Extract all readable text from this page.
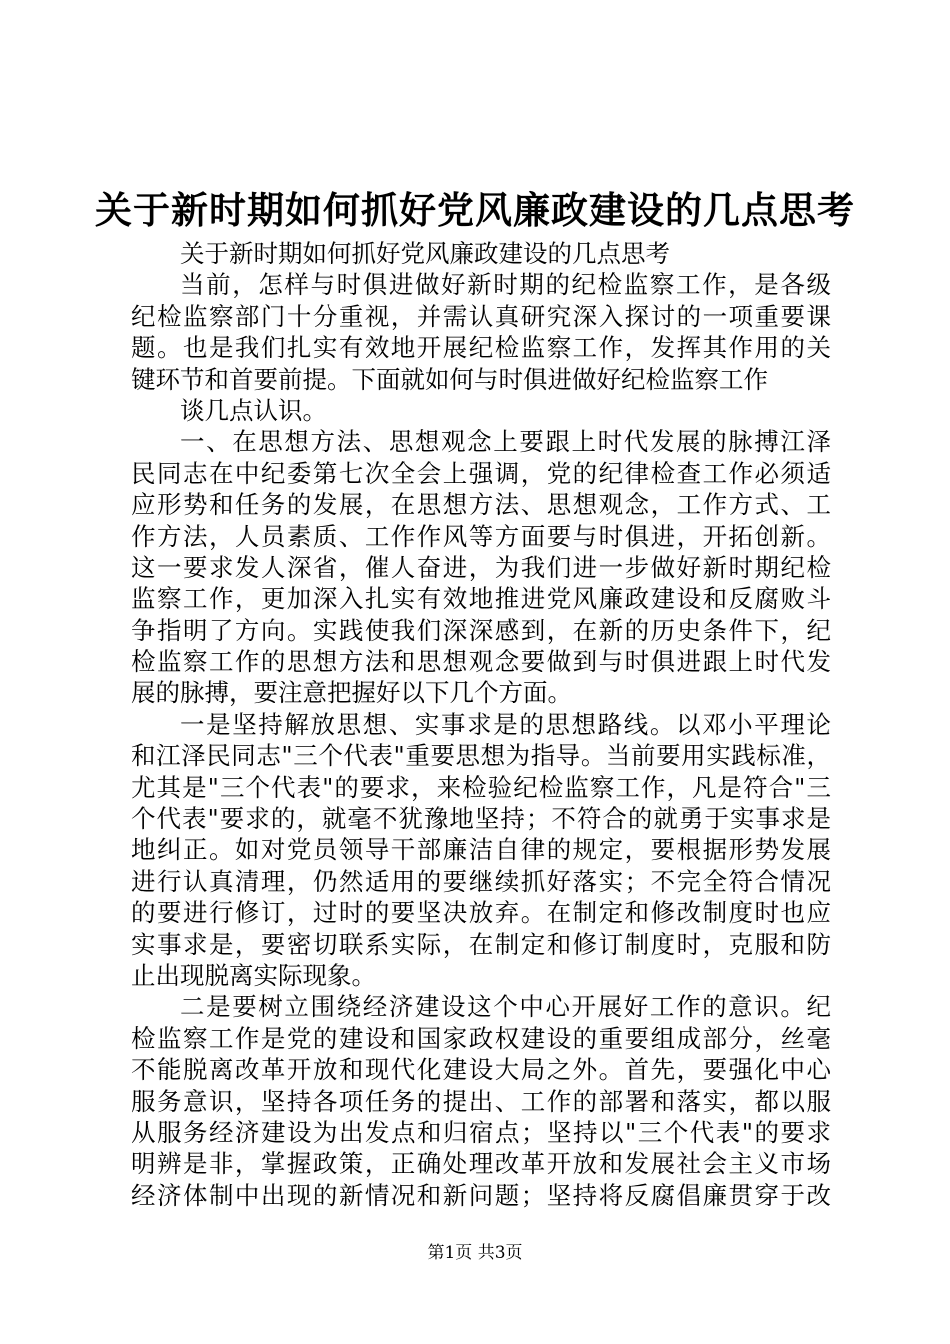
关于新时期如何抓好党风廉政建设的几点思考
关于新时期如何抓好党风廉政建设的几点思考
当前，怎样与时俱进做好新时期的纪检监察工作，是各级
纪检监察部门十分重视，并需认真研究深入探讨的一项重要课
题。也是我们扎实有效地开展纪检监察工作，发挥其作用的关
键环节和首要前提。下面就如何与时俱进做好纪检监察工作
谈几点认识。
一、在思想方法、思想观念上要跟上时代发展的脉搏江泽
民同志在中纪委第七次全会上强调，党的纪律检查工作必须适
应形势和任务的发展，在思想方法、思想观念，工作方式、工
作方法，人员素质、工作作风等方面要与时俱进，开拓创新。
这一要求发人深省，催人奋进，为我们进一步做好新时期纪检
监察工作，更加深入扎实有效地推进党风廉政建设和反腐败斗
争指明了方向。实践使我们深深感到，在新的历史条件下，纪
检监察工作的思想方法和思想观念要做到与时俱进跟上时代发
展的脉搏，要注意把握好以下几个方面。
一是坚持解放思想、实事求是的思想路线。以邓小平理论
和江泽民同志"三个代表"重要思想为指导。当前要用实践标准，
尤其是"三个代表"的要求，来检验纪检监察工作，凡是符合"三
个代表"要求的，就毫不犹豫地坚持；不符合的就勇于实事求是
地纠正。如对党员领导干部廉洁自律的规定，要根据形势发展
进行认真清理，仍然适用的要继续抓好落实；不完全符合情况
的要进行修订，过时的要坚决放弃。在制定和修改制度时也应
实事求是，要密切联系实际，在制定和修订制度时，克服和防
止出现脱离实际现象。
二是要树立围绕经济建设这个中心开展好工作的意识。纪
检监察工作是党的建设和国家政权建设的重要组成部分，丝毫
不能脱离改革开放和现代化建设大局之外。首先，要强化中心
服务意识，坚持各项任务的提出、工作的部署和落实，都以服
从服务经济建设为出发点和归宿点；坚持以"三个代表"的要求
明辨是非，掌握政策，正确处理改革开放和发展社会主义市场
经济体制中出现的新情况和新问题；坚持将反腐倡廉贯穿于改
第1页 共3页
